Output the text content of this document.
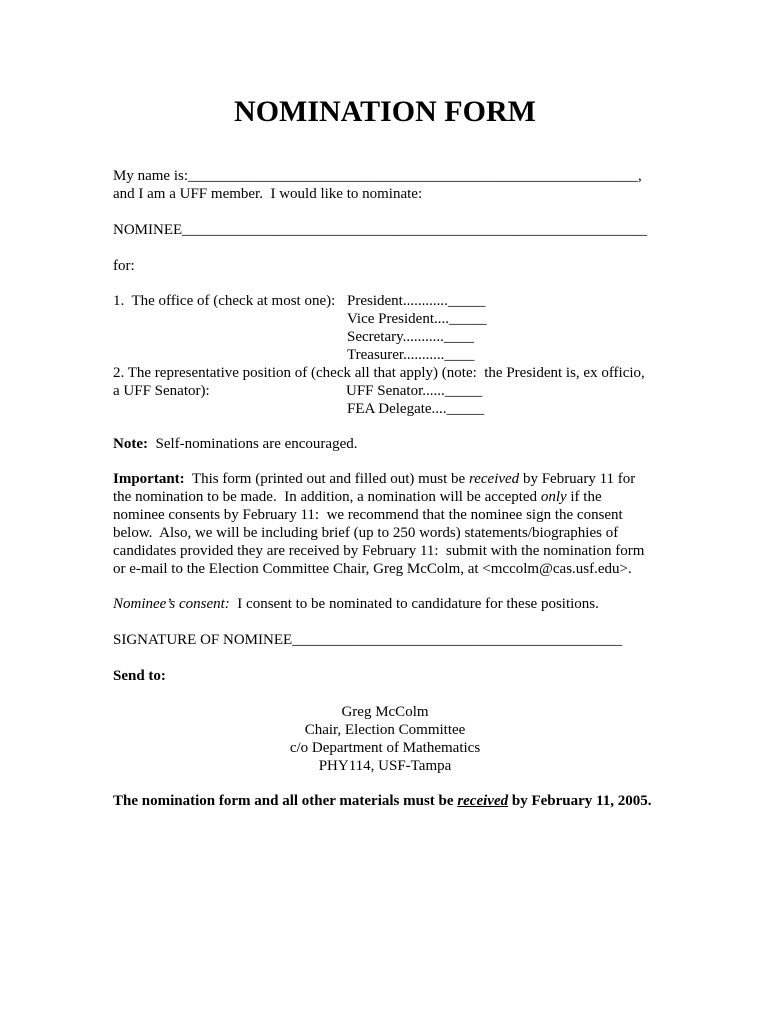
NOMINATION FORM
My name is:____________________________________________________________,
and I am a UFF member.  I would like to nominate:
NOMINEE______________________________________________________________
for:
1.  The office of (check at most one): President............_____
Vice President...._____
Secretary...........____
Treasurer...........____
2. The representative position of (check all that apply) (note:  the President is, ex officio,
a UFF Senator):	UFF Senator......_____
FEA Delegate...._____
Note:  Self-nominations are encouraged.
Important:  This form (printed out and filled out) must be received by February 11 for
the nomination to be made.  In addition, a nomination will be accepted only if the
nominee consents by February 11:  we recommend that the nominee sign the consent
below.  Also, we will be including brief (up to 250 words) statements/biographies of
candidates provided they are received by February 11:  submit with the nomination form
or e-mail to the Election Committee Chair, Greg McColm, at <mccolm@cas.usf.edu>.
Nominee’s consent:  I consent to be nominated to candidature for these positions.
SIGNATURE OF NOMINEE____________________________________________
Send to:
Greg McColm
Chair, Election Committee
c/o Department of Mathematics
PHY114, USF-Tampa
The nomination form and all other materials must be received by February 11, 2005.
